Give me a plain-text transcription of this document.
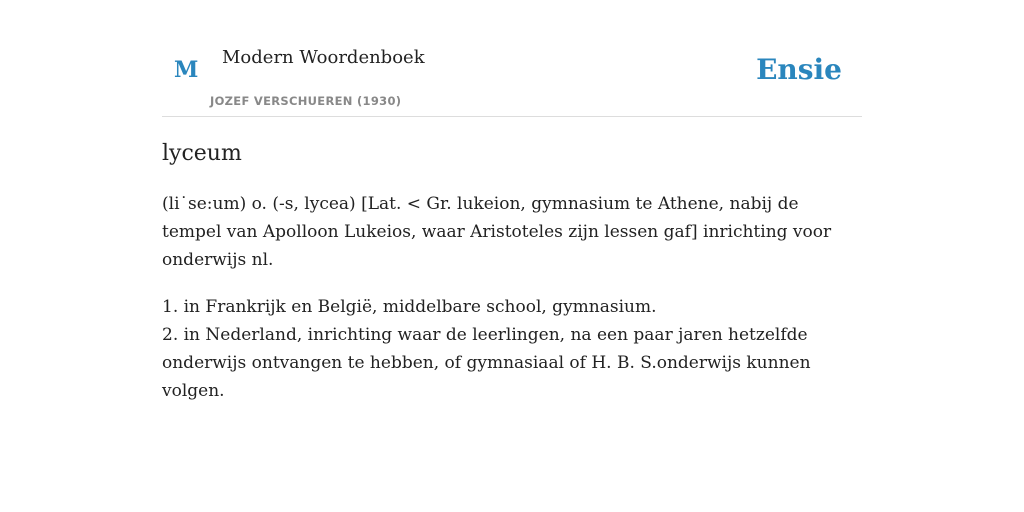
M Modern Woordenboek
JOZEF VERSCHUEREN (1930)
Ensie
lyceum

(li˙se:um) o. (-s, lycea) [Lat. < Gr. lukeion, gymnasium te Athene, nabij de tempel van Apolloon Lukeios, waar Aristoteles zijn lessen gaf] inrichting voor onderwijs nl.

1. in Frankrijk en België, middelbare school, gymnasium.
2. in Nederland, inrichting waar de leerlingen, na een paar jaren hetzelfde onderwijs ontvangen te hebben, of gymnasiaal of H. B. S.onderwijs kunnen volgen.
